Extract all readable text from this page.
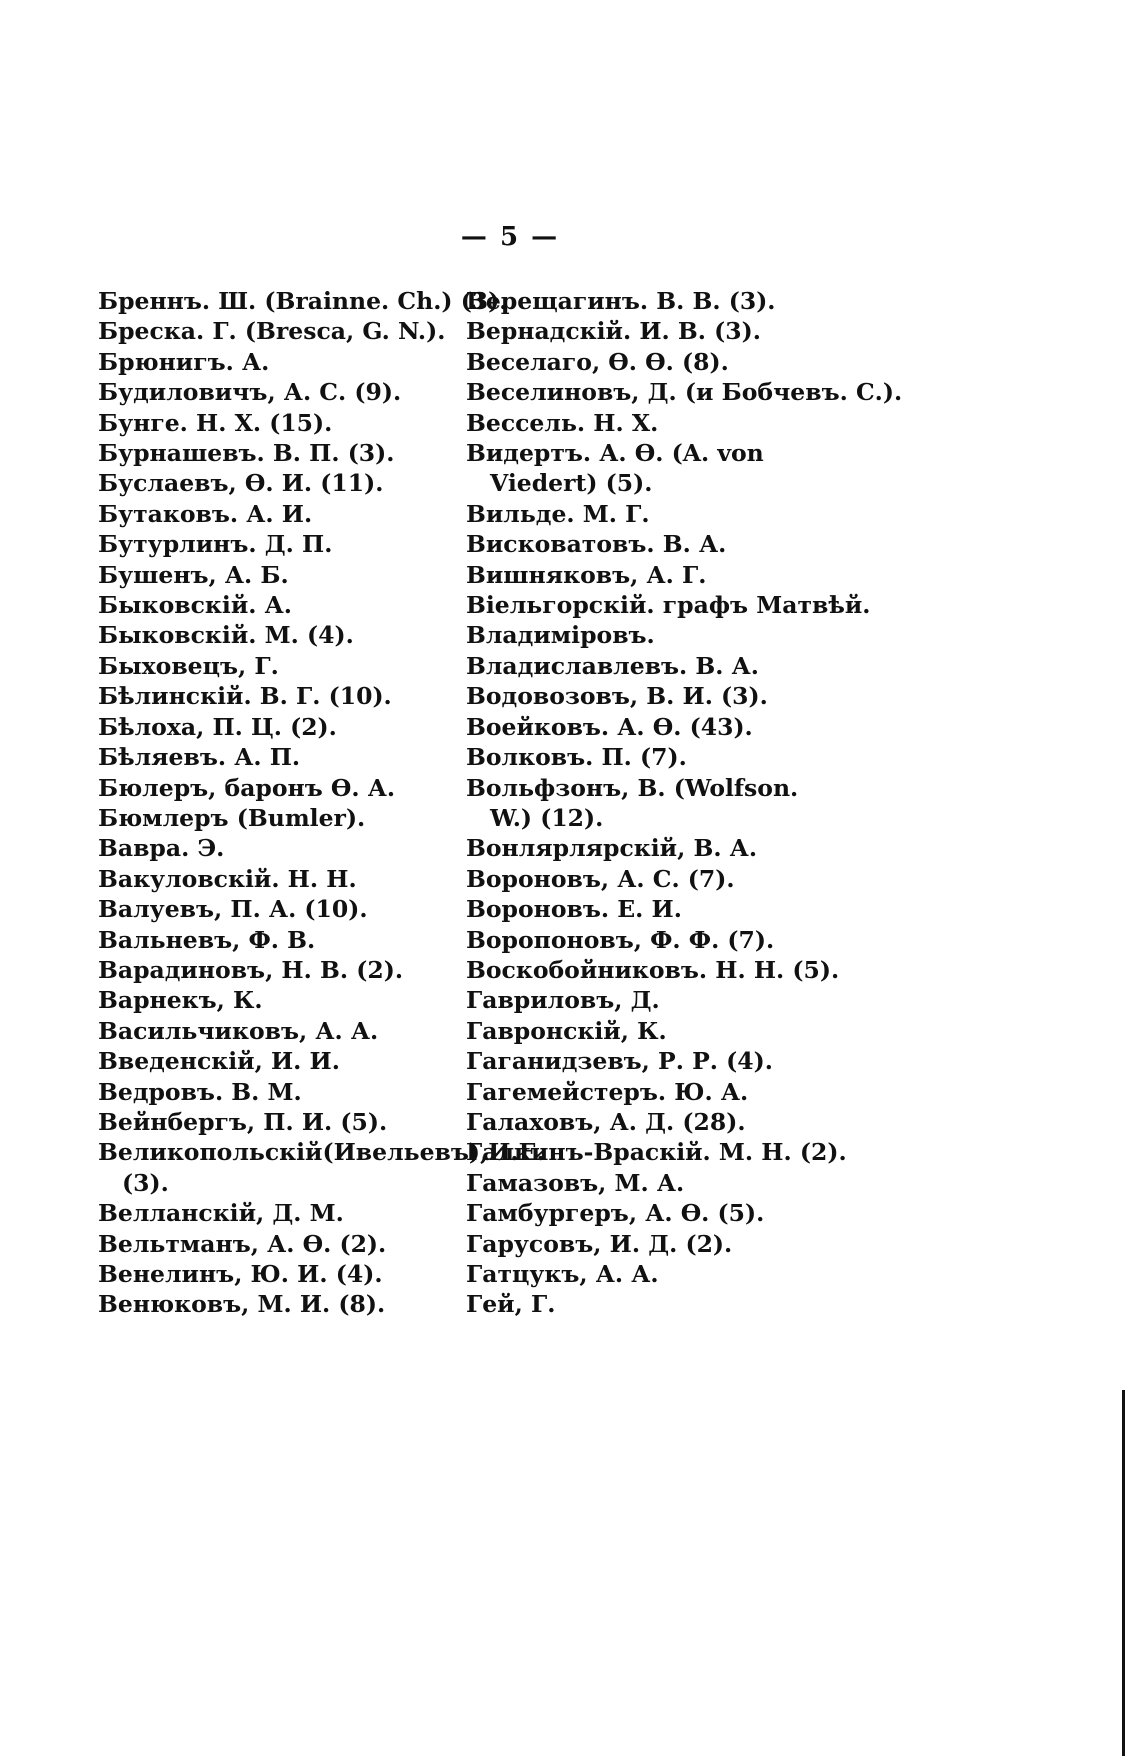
— 5 —
Бреннъ. Ш. (Brainne. Ch.) (3).
Бреска. Г. (Bresca, G. N.).
Брюнигъ. А.
Будиловичъ, А. С. (9).
Бунге. Н. Х. (15).
Бурнашевъ. В. П. (3).
Буслаевъ, Ѳ. И. (11).
Бутаковъ. А. И.
Бутурлинъ. Д. П.
Бушенъ, А. Б.
Быковскій. А.
Быковскій. М. (4).
Быховецъ, Г.
Бѣлинскій. В. Г. (10).
Бѣлоха, П. Ц. (2).
Бѣляевъ. А. П.
Бюлеръ, баронъ Ѳ. А.
Бюмлеръ (Bumler).
Вавра. Э.
Вакуловскій. Н. Н.
Валуевъ, П. А. (10).
Вальневъ, Ф. В.
Варадиновъ, Н. В. (2).
Варнекъ, К.
Васильчиковъ, А. А.
Введенскій, И. И.
Ведровъ. В. М.
Вейнбергъ, П. И. (5).
Великопольскій(Ивельевъ),И.Е. (3).
Велланскій, Д. М.
Вельтманъ, А. Ѳ. (2).
Венелинъ, Ю. И. (4).
Венюковъ, М. И. (8).
Верещагинъ. В. В. (3).
Вернадскій. И. В. (3).
Веселаго, Ѳ. Ѳ. (8).
Веселиновъ, Д. (и Бобчевъ. С.).
Вессель. Н. Х.
Видертъ. А. Ѳ. (A. von Viedert) (5).
Вильде. М. Г.
Висковатовъ. В. А.
Вишняковъ, А. Г.
Віельгорскій. графъ Матвѣй.
Владиміровъ.
Владиславлевъ. В. А.
Водовозовъ, В. И. (3).
Воейковъ. А. Ѳ. (43).
Волковъ. П. (7).
Вольфзонъ, В. (Wolfson. W.) (12).
Вонлярлярскій, В. А.
Вороновъ, А. С. (7).
Вороновъ. Е. И.
Воропоновъ, Ф. Ф. (7).
Воскобойниковъ. Н. Н. (5).
Гавриловъ, Д.
Гавронскій, К.
Гаганидзевъ, Р. Р. (4).
Гагемейстеръ. Ю. А.
Галаховъ, А. Д. (28).
Галкинъ-Враскій. М. Н. (2).
Гамазовъ, М. А.
Гамбургеръ, А. Ѳ. (5).
Гарусовъ, И. Д. (2).
Гатцукъ, А. А.
Гей, Г.
